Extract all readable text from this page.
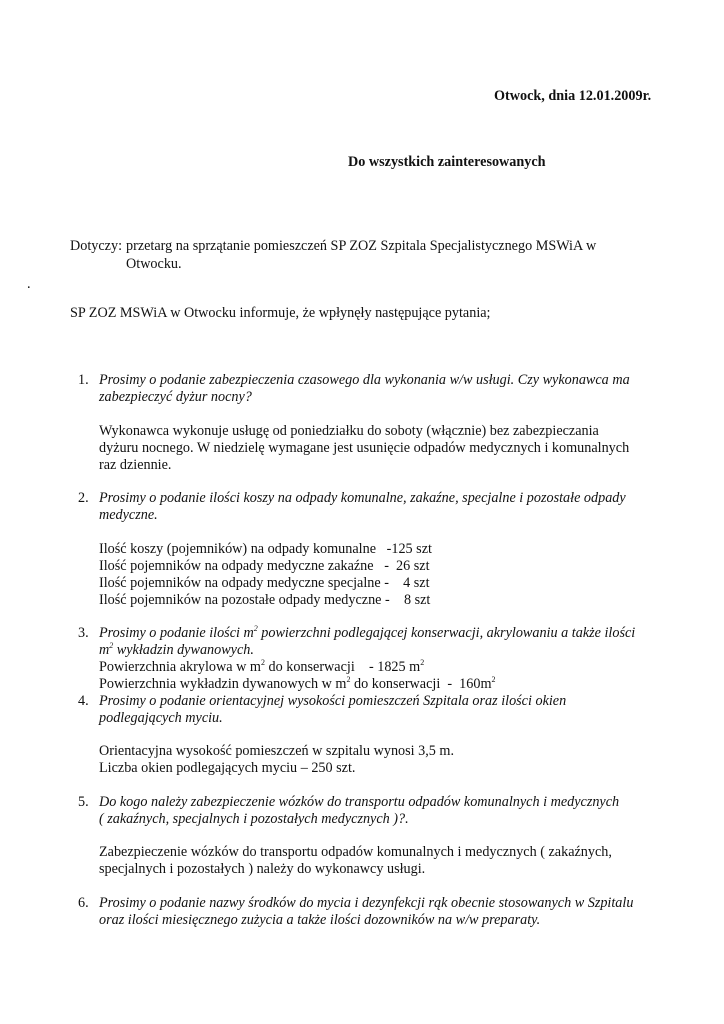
Otwock, dnia 12.01.2009r.
Do wszystkich zainteresowanych
Dotyczy: przetarg na sprzątanie pomieszczeń SP ZOZ Szpitala Specjalistycznego MSWiA w
Otwocku.
.
SP ZOZ MSWiA w Otwocku informuje, że wpłynęły następujące pytania;
1. Prosimy o podanie zabezpieczenia czasowego dla wykonania w/w usługi. Czy wykonawca ma
zabezpieczyć dyżur nocny?
Wykonawca wykonuje usługę od poniedziałku do soboty (włącznie) bez zabezpieczania
dyżuru nocnego. W niedzielę wymagane jest usunięcie odpadów medycznych i komunalnych
raz dziennie.
2. Prosimy o podanie ilości koszy na odpady komunalne, zakaźne, specjalne i pozostałe odpady
medyczne.
Ilość koszy (pojemników) na odpady komunalne   -125 szt
Ilość pojemników na odpady medyczne zakaźne   -  26 szt
Ilość pojemników na odpady medyczne specjalne -    4 szt
Ilość pojemników na pozostałe odpady medyczne -    8 szt
3. Prosimy o podanie ilości $m^2$ powierzchni podlegającej konserwacji, akrylowaniu a także ilości
$m^2$ wykładzin dywanowych.
Powierzchnia akrylowa w $m^2$ do konserwacji    - 1825 $m^2$
Powierzchnia wykładzin dywanowych w $m^2$ do konserwacji  -  $160m^2$
4. Prosimy o podanie orientacyjnej wysokości pomieszczeń Szpitala oraz ilości okien
podlegających myciu.
Orientacyjna wysokość pomieszczeń w szpitalu wynosi 3,5 m.
Liczba okien podlegających myciu – 250 szt.
5. Do kogo należy zabezpieczenie wózków do transportu odpadów komunalnych i medycznych
( zakaźnych, specjalnych i pozostałych medycznych )?.
Zabezpieczenie wózków do transportu odpadów komunalnych i medycznych ( zakaźnych,
specjalnych i pozostałych ) należy do wykonawcy usługi.
6. Prosimy o podanie nazwy środków do mycia i dezynfekcji rąk obecnie stosowanych w Szpitalu
oraz ilości miesięcznego zużycia a także ilości dozowników na w/w preparaty.
